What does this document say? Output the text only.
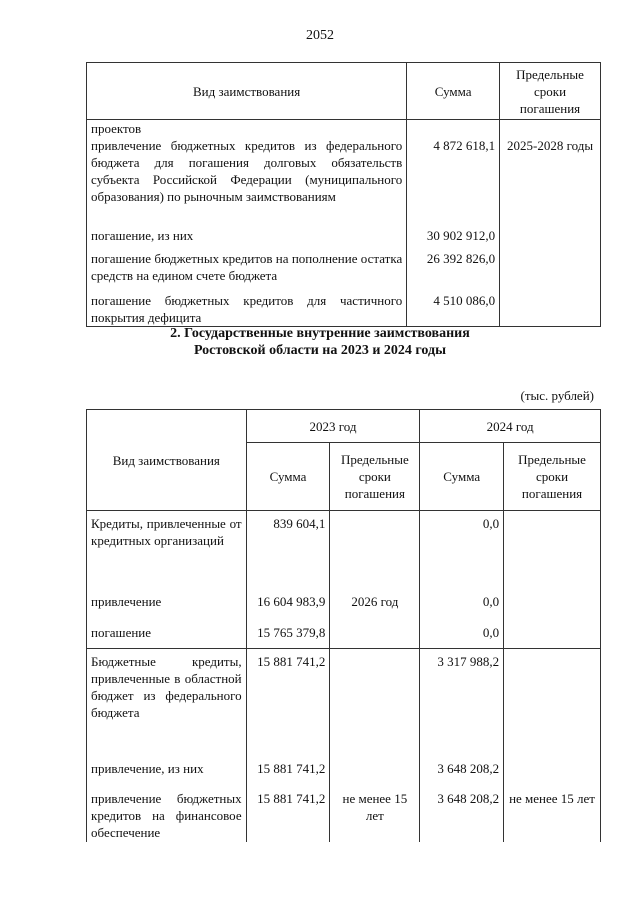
2052
Вид заимствования	Сумма	Предельные сроки погашения
проектов		
привлечение бюджетных кредитов из федерального бюджета для погашения долговых обязательств субъекта Российской Федерации (муниципального образования) по рыночным заимствованиям	4 872 618,1	2025-2028 годы
погашение, из них	30 902 912,0	
погашение бюджетных кредитов на пополнение остатка средств на едином счете бюджета	26 392 826,0	
погашение бюджетных кредитов для частичного покрытия дефицита	4 510 086,0	
2. Государственные внутренние заимствования
Ростовской области на 2023 и 2024 годы
(тыс. рублей)
Вид заимствования	2023 год		2024 год	
	Сумма	Предельные сроки погашения	Сумма	Предельные сроки погашения
Кредиты, привлеченные от кредитных организаций	839 604,1		0,0	
привлечение	16 604 983,9	2026 год	0,0	
погашение	15 765 379,8		0,0	
Бюджетные кредиты, привлеченные в областной бюджет из федерального бюджета	15 881 741,2		3 317 988,2	
привлечение, из них	15 881 741,2		3 648 208,2	
привлечение бюджетных кредитов на финансовое обеспечение	15 881 741,2	не менее 15 лет	3 648 208,2	не менее 15 лет
